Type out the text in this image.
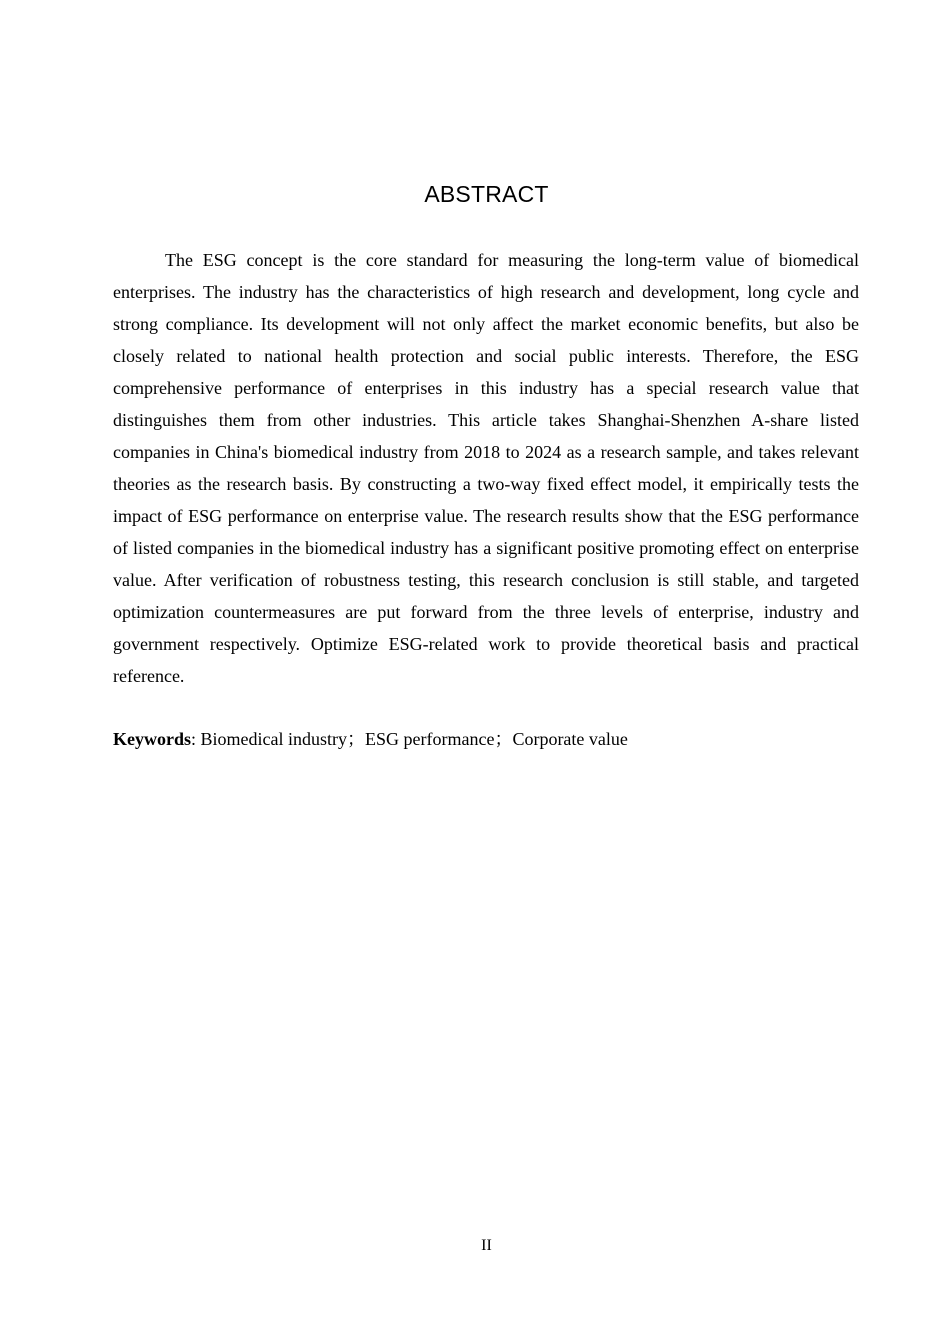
ABSTRACT

The ESG concept is the core standard for measuring the long-term value of biomedical enterprises. The industry has the characteristics of high research and development, long cycle and strong compliance. Its development will not only affect the market economic benefits, but also be closely related to national health protection and social public interests. Therefore, the ESG comprehensive performance of enterprises in this industry has a special research value that distinguishes them from other industries. This article takes Shanghai-Shenzhen A-share listed companies in China's biomedical industry from 2018 to 2024 as a research sample, and takes relevant theories as the research basis. By constructing a two-way fixed effect model, it empirically tests the impact of ESG performance on enterprise value. The research results show that the ESG performance of listed companies in the biomedical industry has a significant positive promoting effect on enterprise value. After verification of robustness testing, this research conclusion is still stable, and targeted optimization countermeasures are put forward from the three levels of enterprise, industry and government respectively. Optimize ESG-related work to provide theoretical basis and practical reference.

Keywords: Biomedical industry；ESG performance；Corporate value

II
